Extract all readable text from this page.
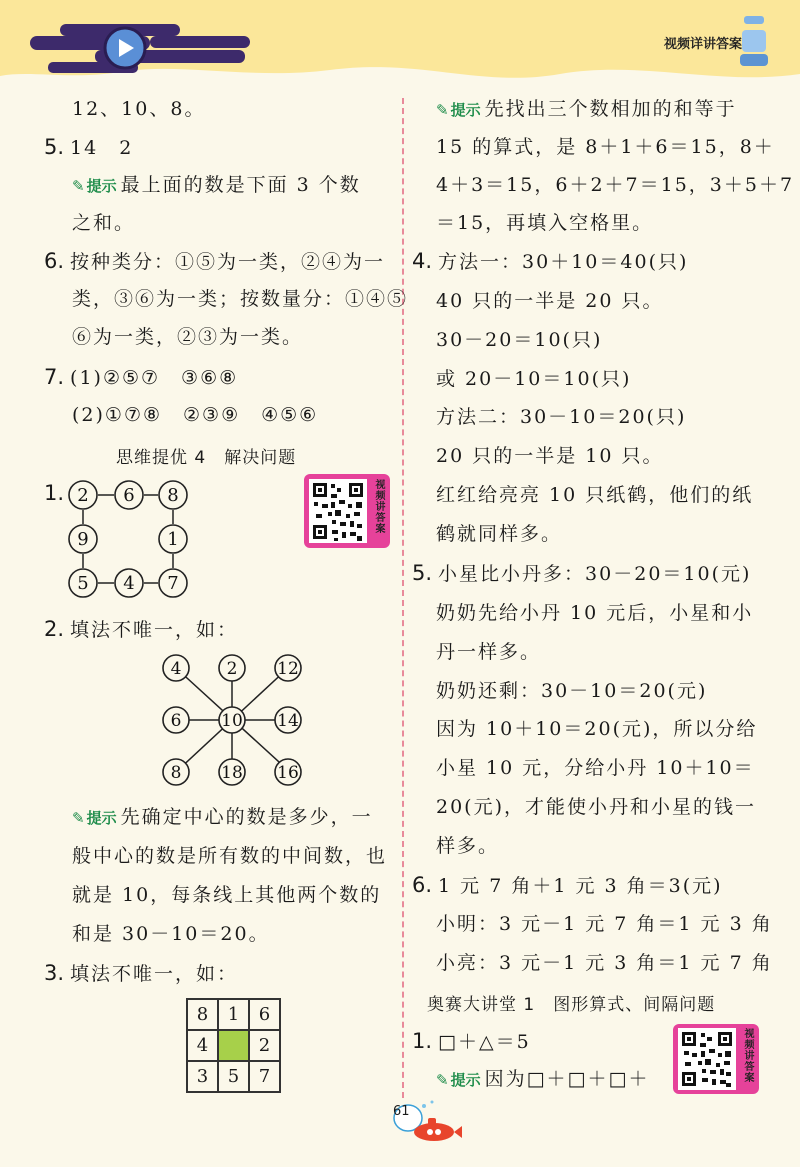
视频详讲答案

12、10、8。

5. 14　2

✎ 提示 最上面的数是下面 3 个数

之和。

6. 按种类分：①⑤为一类，②④为一

类，③⑥为一类；按数量分：①④⑤

⑥为一类，②③为一类。

7. (1)②⑤⑦　③⑥⑧

(2)①⑦⑧　②③⑨　④⑤⑥

思维提优 4　解决问题

1. 2 6 8
9	1
5 4 7
视频讲答案

2. 填法不唯一，如：

4	2 12
6 10 14
8 18 16

✎ 提示 先确定中心的数是多少，一

般中心的数是所有数的中间数，也

就是 10，每条线上其他两个数的

和是 30－10＝20。

3. 填法不唯一，如：

8	1	6
4		2
3	5	7

✎ 提示 先找出三个数相加的和等于

15 的算式，是 8＋1＋6＝15，8＋

4＋3＝15，6＋2＋7＝15，3＋5＋7

＝15，再填入空格里。

4. 方法一：30＋10＝40(只)

40 只的一半是 20 只。

30－20＝10(只)

或 20－10＝10(只)

方法二：30－10＝20(只)

20 只的一半是 10 只。

红红给亮亮 10 只纸鹤，他们的纸

鹤就同样多。

5. 小星比小丹多：30－20＝10(元)

奶奶先给小丹 10 元后，小星和小

丹一样多。

奶奶还剩：30－10＝20(元)

因为 10＋10＝20(元)，所以分给

小星 10 元，分给小丹 10＋10＝

20(元)，才能使小丹和小星的钱一

样多。

6. 1 元 7 角＋1 元 3 角＝3(元)

小明：3 元－1 元 7 角＝1 元 3 角

小亮：3 元－1 元 3 角＝1 元 7 角

奥赛大讲堂 1　图形算式、间隔问题

1. □＋△＝5

✎ 提示 因为□＋□＋□＋	视频讲答案
61
